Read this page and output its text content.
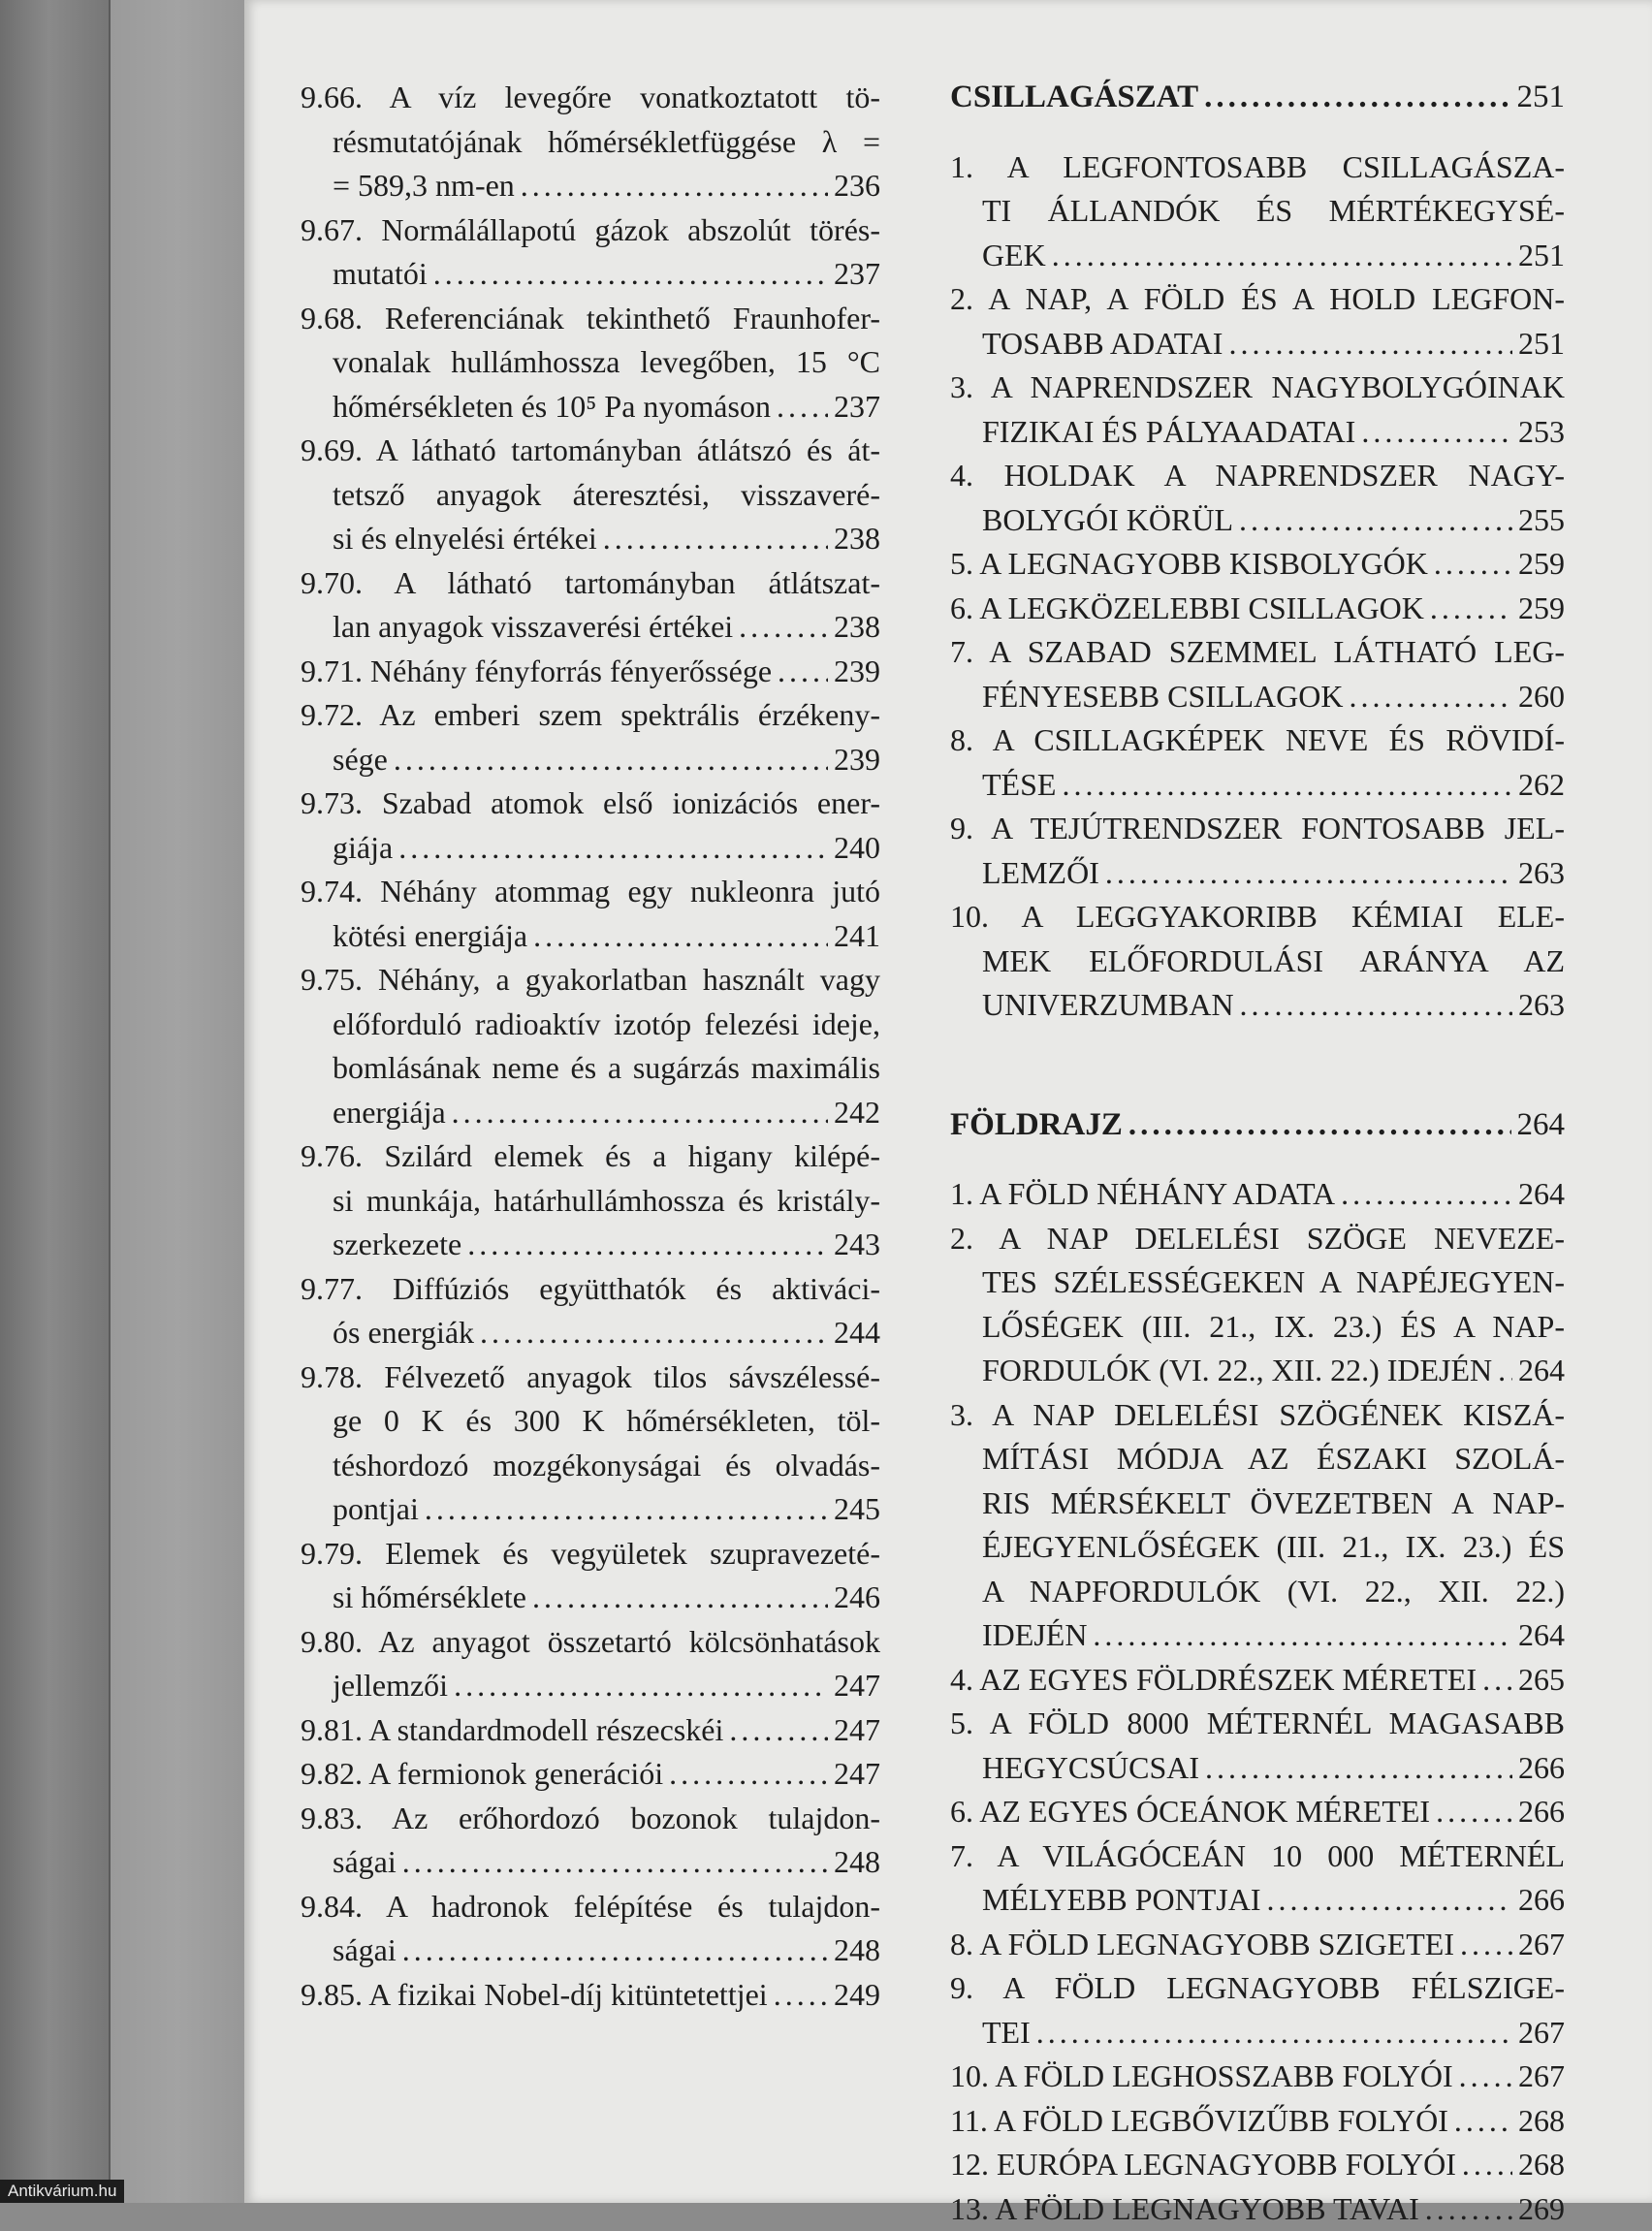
9.66. A víz levegőre vonatkoztatott tö-
résmutatójának hőmérsékletfüggése λ =
= 589,3 nm-en .....	236
9.67. Normálállapotú gázok abszolút törés-
mutatói .....	237
9.68. Referenciának tekinthető Fraunhofer-
vonalak hullámhossza levegőben, 15 °C
hőmérsékleten és 10⁵ Pa nyomáson ..... 237
9.69. A látható tartományban átlátszó és át-
tetsző anyagok áteresztési, visszaveré-
si és elnyelési értékei .....	238
9.70. A látható tartományban átlátszat-
lan anyagok visszaverési értékei .....	238
9.71. Néhány fényforrás fényerőssége ..... 239
9.72. Az emberi szem spektrális érzékeny-
sége .....	239
9.73. Szabad atomok első ionizációs ener-
giája .....	240
9.74. Néhány atommag egy nukleonra jutó
kötési energiája .....	241
9.75. Néhány, a gyakorlatban használt vagy
előforduló radioaktív izotóp felezési ideje,
bomlásának neme és a sugárzás maximális
energiája .....	242
9.76. Szilárd elemek és a higany kilépé-
si munkája, határhullámhossza és kristály-
szerkezete .....	243
9.77. Diffúziós együtthatók és aktiváci-
ós energiák .....	244
9.78. Félvezető anyagok tilos sávszélessé-
ge 0 K és 300 K hőmérsékleten, töl-
téshordozó mozgékonyságai és olvadás-
pontjai .....	245
9.79. Elemek és vegyületek szupravezeté-
si hőmérséklete .....	246
9.80. Az anyagot összetartó kölcsönhatások
jellemzői .....	247
9.81. A standardmodell részecskéi .....	247
9.82. A fermionok generációi .....	247
9.83. Az erőhordozó bozonok tulajdon-
ságai .....	248
9.84. A hadronok felépítése és tulajdon-
ságai .....	248
9.85. A fizikai Nobel-díj kitüntetettjei ..... 249
CSILLAGÁSZAT .....	251
1. A LEGFONTOSABB CSILLAGÁSZA-
TI ÁLLANDÓK ÉS MÉRTÉKEGYSÉ-
GEK .....	251
2. A NAP, A FÖLD ÉS A HOLD LEGFON-
TOSABB ADATAI .....	251
3. A NAPRENDSZER NAGYBOLYGÓINAK
FIZIKAI ÉS PÁLYAADATAI .....	253
4. HOLDAK A NAPRENDSZER NAGY-
BOLYGÓI KÖRÜL .....	255
5. A LEGNAGYOBB KISBOLYGÓK .....	259
6. A LEGKÖZELEBBI CSILLAGOK .....	259
7. A SZABAD SZEMMEL LÁTHATÓ LEG-
FÉNYESEBB CSILLAGOK .....	260
8. A CSILLAGKÉPEK NEVE ÉS RÖVIDÍ-
TÉSE .....	262
9. A TEJÚTRENDSZER FONTOSABB JEL-
LEMZŐI .....	263
10. A LEGGYAKORIBB KÉMIAI ELE-
MEK ELŐFORDULÁSI ARÁNYA AZ
UNIVERZUMBAN .....	263
FÖLDRAJZ .....	264
1. A FÖLD NÉHÁNY ADATA .....	264
2. A NAP DELELÉSI SZÖGE NEVEZE-
TES SZÉLESSÉGEKEN A NAPÉJEGYEN-
LŐSÉGEK (III. 21., IX. 23.) ÉS A NAP-
FORDULÓK (VI. 22., XII. 22.) IDEJÉN ..... 264
3. A NAP DELELÉSI SZÖGÉNEK KISZÁ-
MÍTÁSI MÓDJA AZ ÉSZAKI SZOLÁ-
RIS MÉRSÉKELT ÖVEZETBEN A NAP-
ÉJEGYENLŐSÉGEK (III. 21., IX. 23.) ÉS
A NAPFORDULÓK (VI. 22., XII. 22.)
IDEJÉN .....	264
4. AZ EGYES FÖLDRÉSZEK MÉRETEI ..... 265
5. A FÖLD 8000 MÉTERNÉL MAGASABB
HEGYCSÚCSAI .....	266
6. AZ EGYES ÓCEÁNOK MÉRETEI .....	266
7. A VILÁGÓCEÁN 10 000 MÉTERNÉL
MÉLYEBB PONTJAI .....	266
8. A FÖLD LEGNAGYOBB SZIGETEI ..... 267
9. A FÖLD LEGNAGYOBB FÉLSZIGE-
TEI .....	267
10. A FÖLD LEGHOSSZABB FOLYÓI ..... 267
11. A FÖLD LEGBŐVIZŰBB FOLYÓI ..... 268
12. EURÓPA LEGNAGYOBB FOLYÓI ..... 268
13. A FÖLD LEGNAGYOBB TAVAI .....	269
Antikvárium.hu
